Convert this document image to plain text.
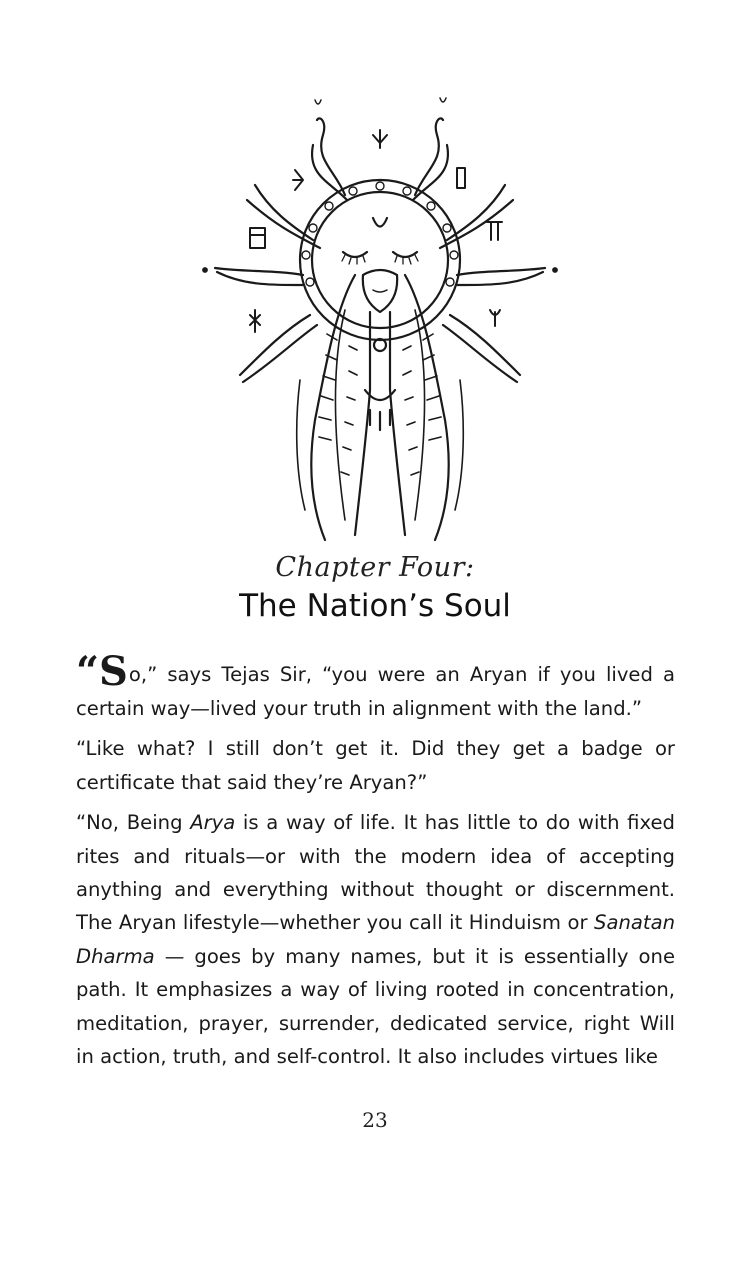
Chapter Four:
The Nation’s Soul

“So,” says Tejas Sir, “you were an Aryan if you lived a certain way—lived your truth in alignment with the land.”

“Like what? I still don’t get it. Did they get a badge or certificate that said they’re Aryan?”

“No, Being Arya is a way of life. It has little to do with fixed rites and rituals—or with the modern idea of accepting anything and everything without thought or discernment. The Aryan lifestyle—whether you call it Hinduism or Sanatan Dharma — goes by many names, but it is essentially one path. It emphasizes a way of living rooted in concentration, meditation, prayer, surrender, dedicated service, right Will in action, truth, and self-control. It also includes virtues like

23
